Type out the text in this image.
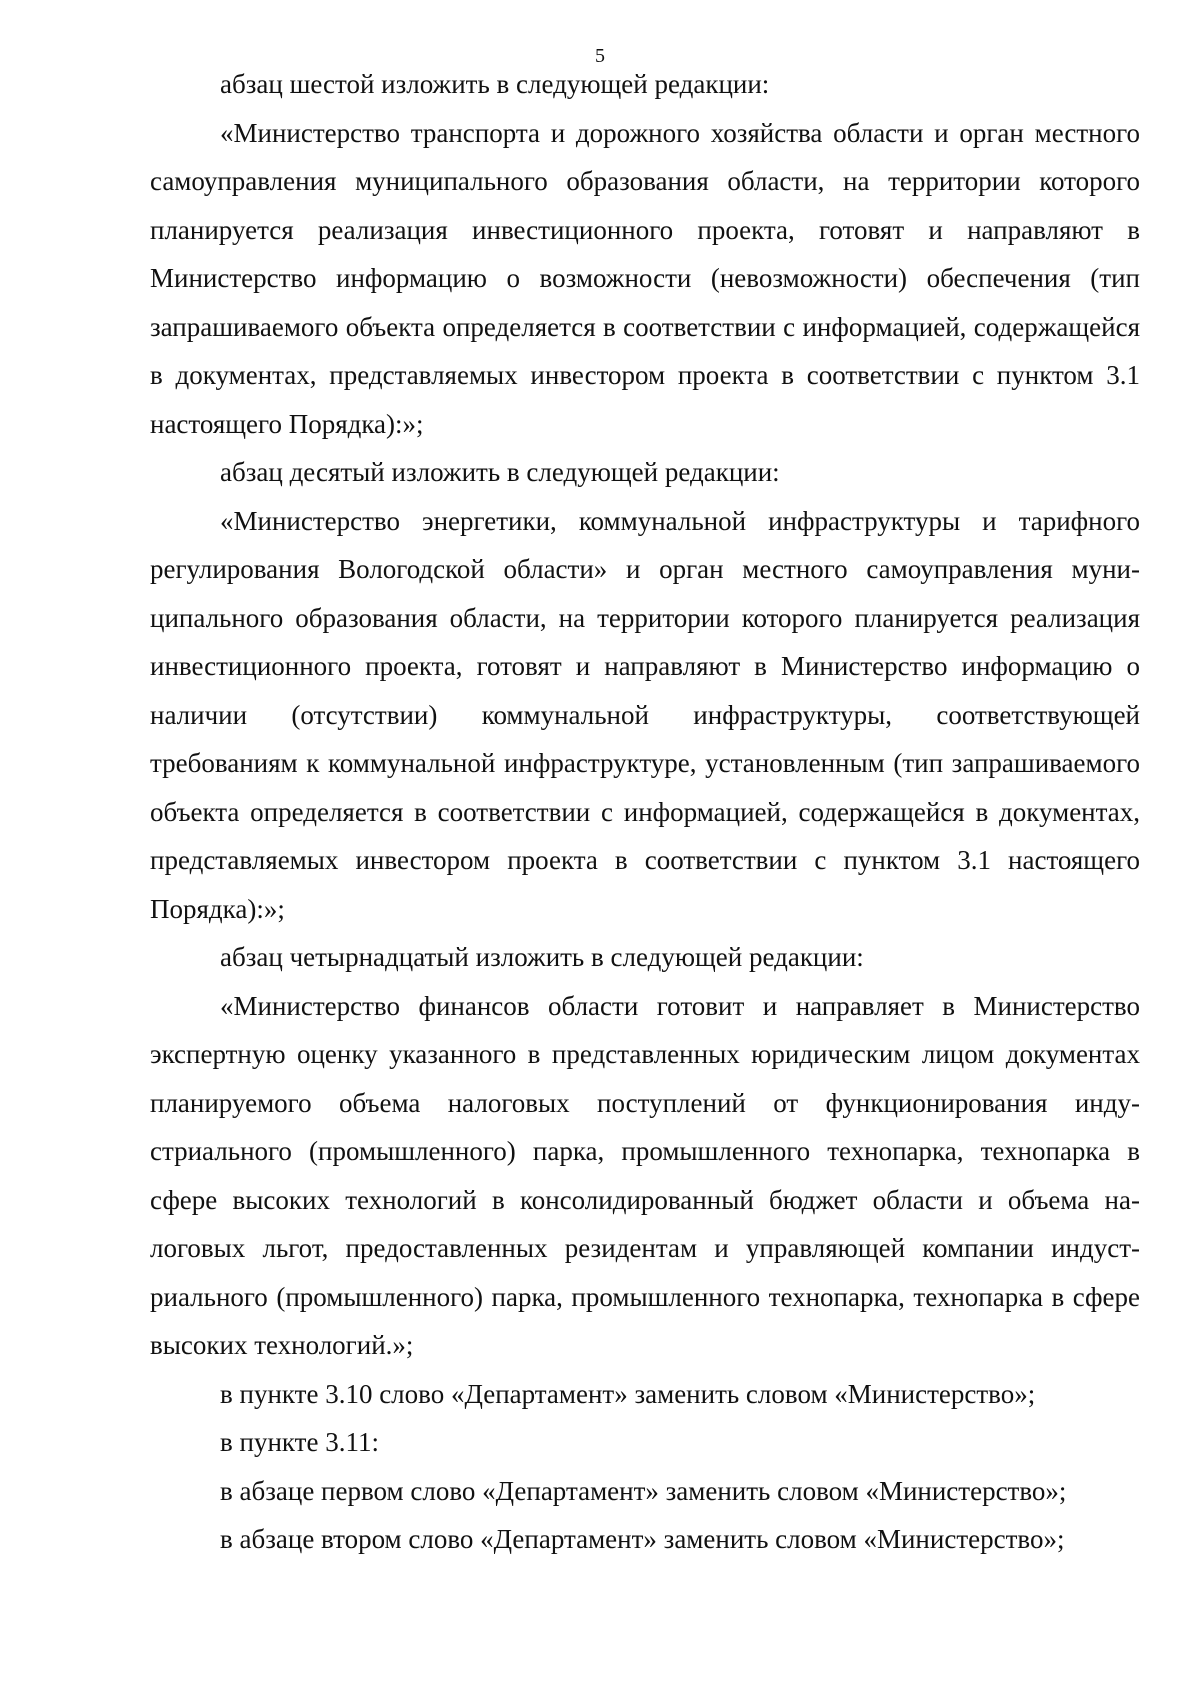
5

абзац шестой изложить в следующей редакции:

«Министерство транспорта и дорожного хозяйства области и орган местного самоуправления муниципального образования области, на территории которого планируется реализация инвестиционного проекта, готовят и направляют в Министерство информацию о возможности (невозможности) обеспечения (тип запрашиваемого объекта определяется в соответствии с информацией, содержащейся в документах, представляемых инвестором проекта в соответствии с пунктом 3.1 настоящего Порядка):»;

абзац десятый изложить в следующей редакции:

«Министерство энергетики, коммунальной инфраструктуры и тарифного регулирования Вологодской области» и орган местного самоуправления муниципального образования области, на территории которого планируется реализация инвестиционного проекта, готовят и направляют в Министерство информацию о наличии (отсутствии) коммунальной инфраструктуры, соответствующей требованиям к коммунальной инфраструктуре, установленным (тип запрашиваемого объекта определяется в соответствии с информацией, содержащейся в документах, представляемых инвестором проекта в соответствии с пунктом 3.1 настоящего Порядка):»;

абзац четырнадцатый изложить в следующей редакции:

«Министерство финансов области готовит и направляет в Министерство экспертную оценку указанного в представленных юридическим лицом документах планируемого объема налоговых поступлений от функционирования индустриального (промышленного) парка, промышленного технопарка, технопарка в сфере высоких технологий в консолидированный бюджет области и объема налоговых льгот, предоставленных резидентам и управляющей компании индустриального (промышленного) парка, промышленного технопарка, технопарка в сфере высоких технологий.»;

в пункте 3.10 слово «Департамент» заменить словом «Министерство»;

в пункте 3.11:

в абзаце первом слово «Департамент» заменить словом «Министерство»;

в абзаце втором слово «Департамент» заменить словом «Министерство»;
